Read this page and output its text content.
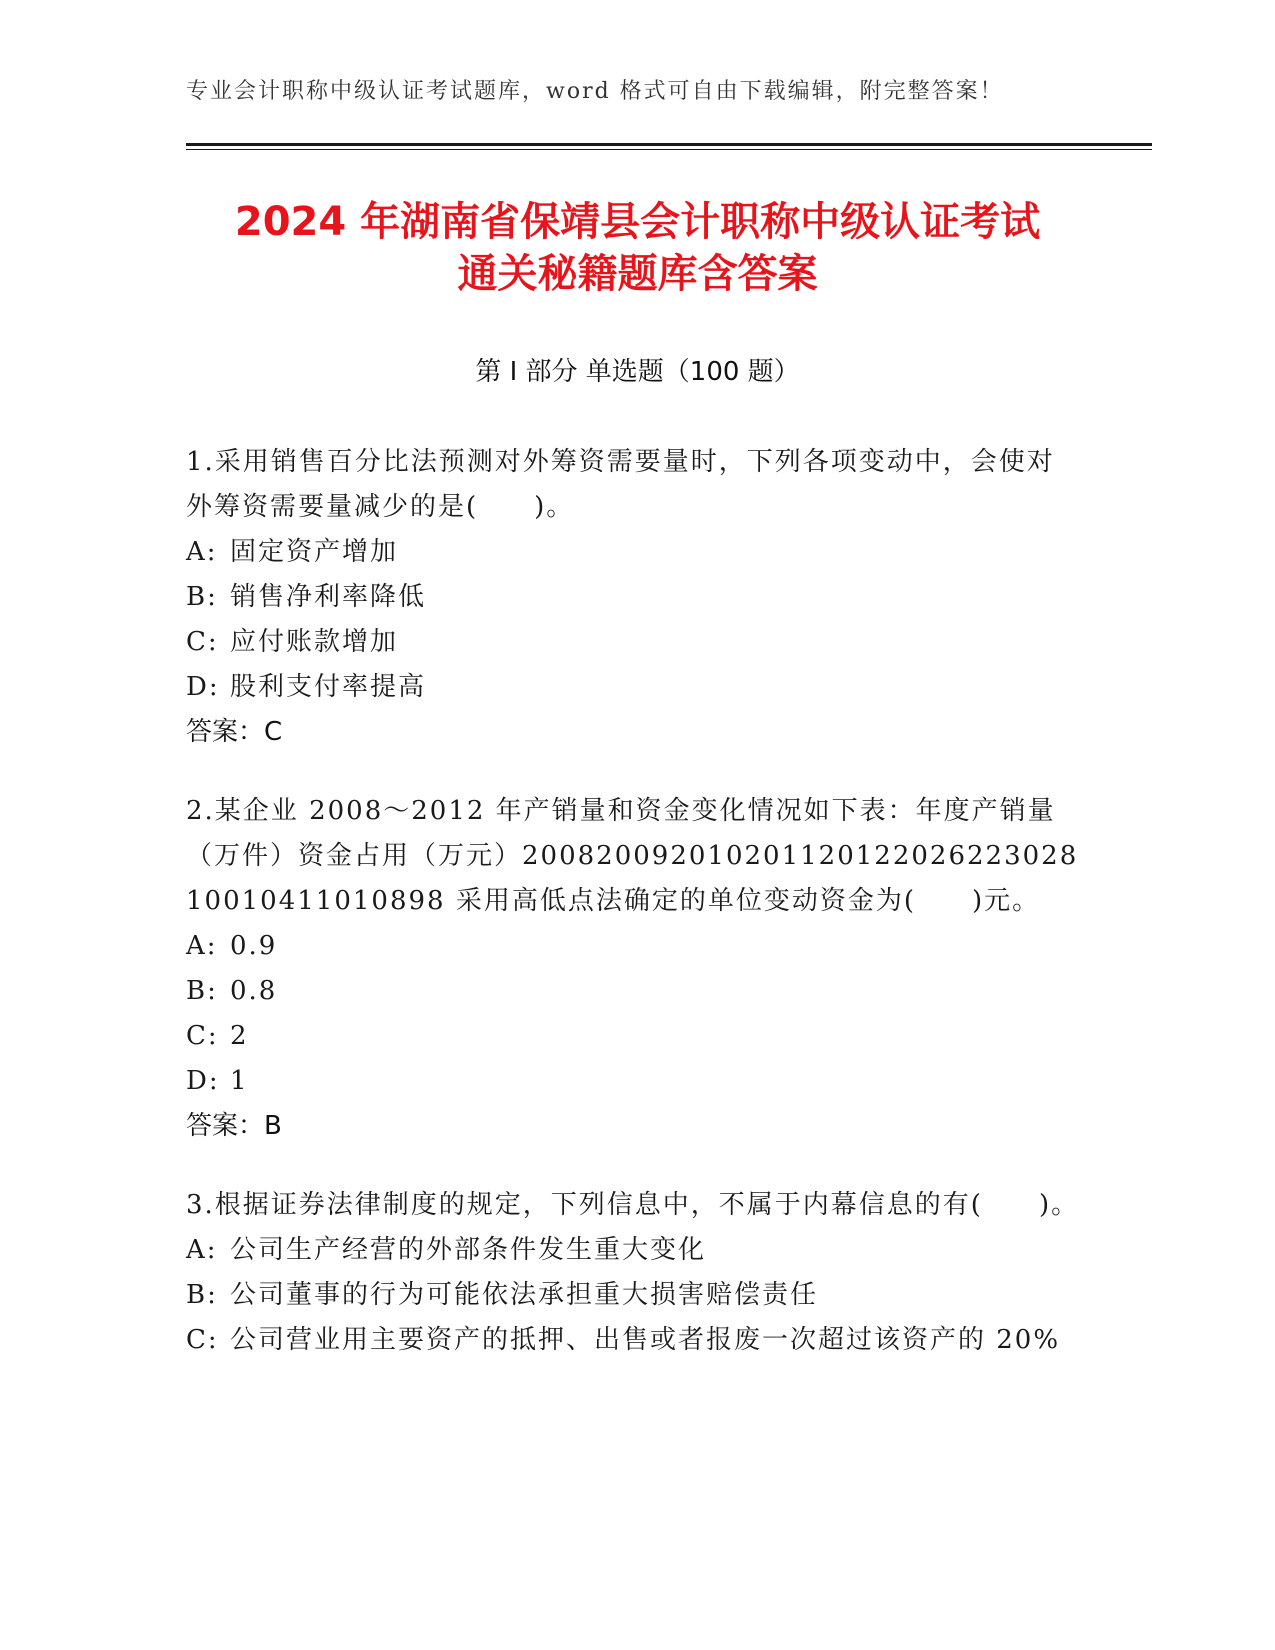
专业会计职称中级认证考试题库，word 格式可自由下载编辑，附完整答案！
2024 年湖南省保靖县会计职称中级认证考试
通关秘籍题库含答案
第 I 部分 单选题（100 题）
1.采用销售百分比法预测对外筹资需要量时，下列各项变动中，会使对外筹资需要量减少的是(　　)。
A: 固定资产增加
B: 销售净利率降低
C: 应付账款增加
D: 股利支付率提高
答案：C
2.某企业 2008～2012 年产销量和资金变化情况如下表：年度产销量（万件）资金占用（万元）20082009201020112012202622302810010411010898 采用高低点法确定的单位变动资金为(　　)元。
A: 0.9
B: 0.8
C: 2
D: 1
答案：B
3.根据证券法律制度的规定，下列信息中，不属于内幕信息的有(　　)。
A: 公司生产经营的外部条件发生重大变化
B: 公司董事的行为可能依法承担重大损害赔偿责任
C: 公司营业用主要资产的抵押、出售或者报废一次超过该资产的 20%
